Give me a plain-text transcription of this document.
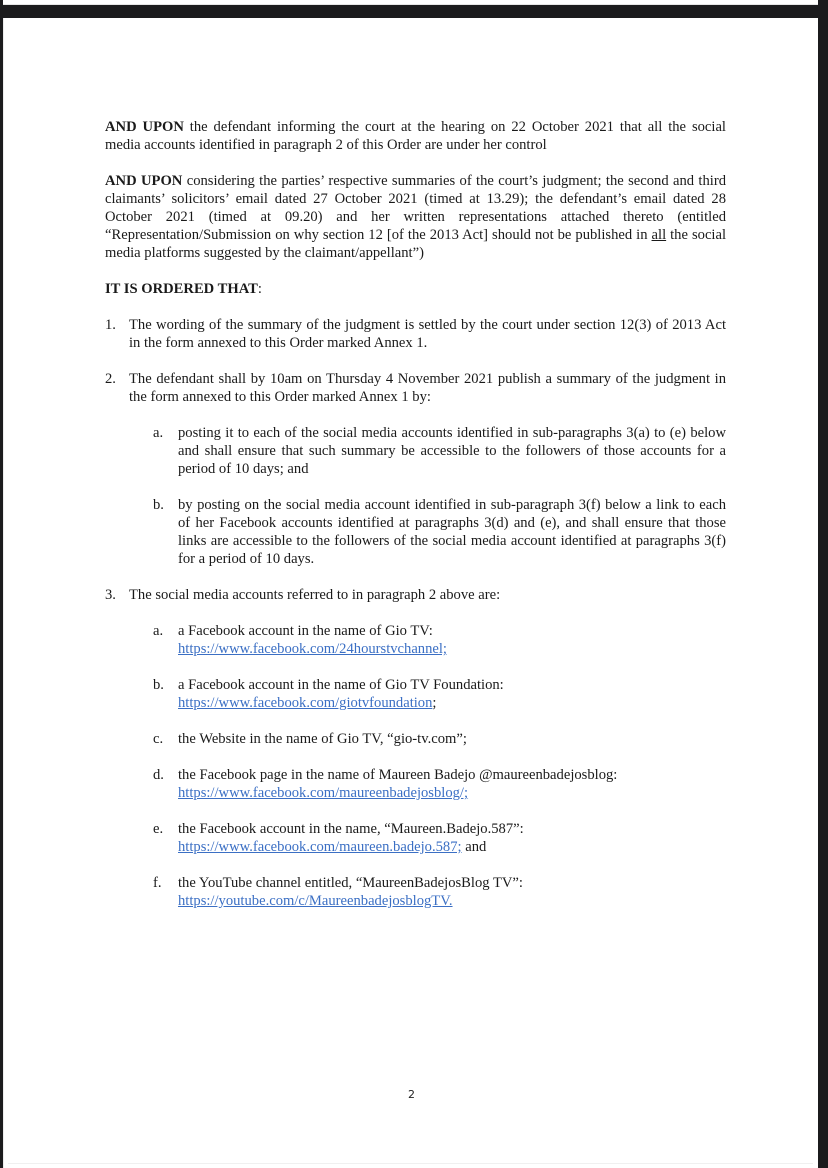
AND UPON the defendant informing the court at the hearing on 22 October 2021 that all the social media accounts identified in paragraph 2 of this Order are under her control

AND UPON considering the parties’ respective summaries of the court’s judgment; the second and third claimants’ solicitors’ email dated 27 October 2021 (timed at 13.29); the defendant’s email dated 28 October 2021 (timed at 09.20) and her written representations attached thereto (entitled “Representation/Submission on why section 12 [of the 2013 Act] should not be published in all the social media platforms suggested by the claimant/appellant”)

IT IS ORDERED THAT:

1. The wording of the summary of the judgment is settled by the court under section 12(3) of 2013 Act in the form annexed to this Order marked Annex 1.
2. The defendant shall by 10am on Thursday 4 November 2021 publish a summary of the judgment in the form annexed to this Order marked Annex 1 by:
a. posting it to each of the social media accounts identified in sub-paragraphs 3(a) to (e) below and shall ensure that such summary be accessible to the followers of those accounts for a period of 10 days; and
b. by posting on the social media account identified in sub-paragraph 3(f) below a link to each of her Facebook accounts identified at paragraphs 3(d) and (e), and shall ensure that those links are accessible to the followers of the social media account identified at paragraphs 3(f) for a period of 10 days.
3. The social media accounts referred to in paragraph 2 above are:
a. a Facebook account in the name of Gio TV:
https://www.facebook.com/24hourstvchannel;
b. a Facebook account in the name of Gio TV Foundation:
https://www.facebook.com/giotvfoundation;
c. the Website in the name of Gio TV, “gio-tv.com”;
d. the Facebook page in the name of Maureen Badejo @maureenbadejosblog:
https://www.facebook.com/maureenbadejosblog/;
e. the Facebook account in the name, “Maureen.Badejo.587”:
https://www.facebook.com/maureen.badejo.587; and
f. the YouTube channel entitled, “MaureenBadejosBlog TV”:
https://youtube.com/c/MaureenbadejosblogTV.
2
